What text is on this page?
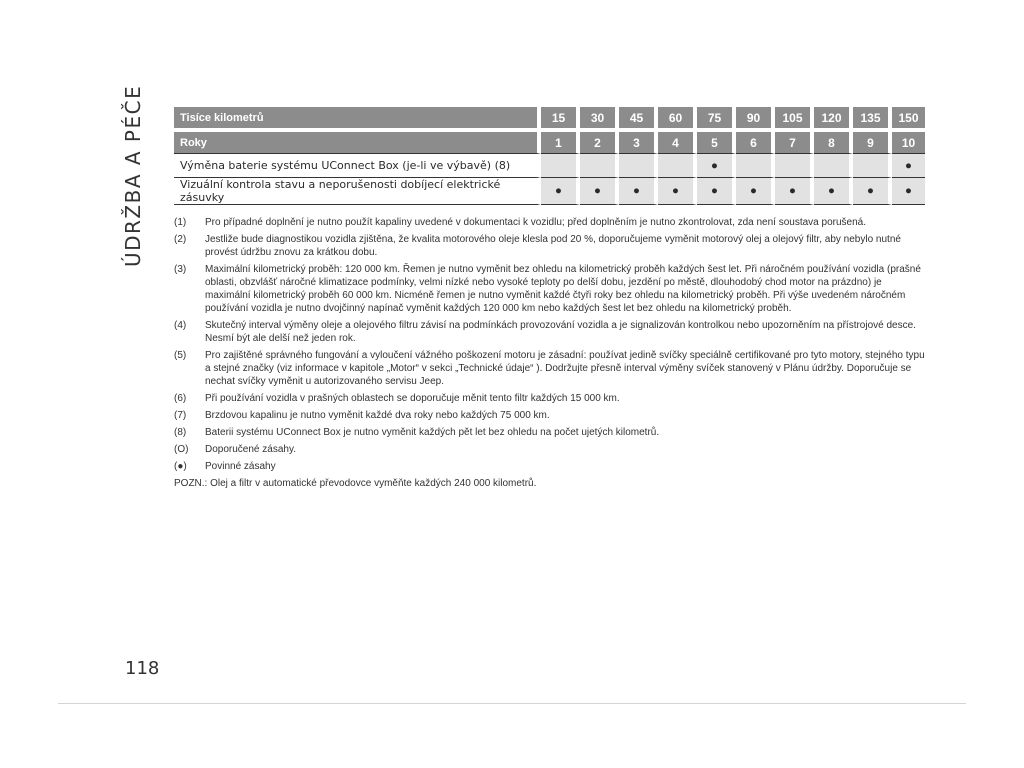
ÚDRŽBA A PÉČE	Tisíce kilometrů	15	30	45	60	75	90	105	120	135	150
Roky	1	2	3	4	5	6	7	8	9	10
Výměna baterie systému UConnect Box (je-li ve výbavě) (8)					●					●
Vizuální kontrola stavu a neporušenosti dobíjecí elektrické zásuvky	●	●	●	●	●	●	●	●	●	●
(1)	Pro případné doplnění je nutno použít kapaliny uvedené v dokumentaci k vozidlu; před doplněním je nutno zkontrolovat, zda není soustava porušená.
(2)	Jestliže bude diagnostikou vozidla zjištěna, že kvalita motorového oleje klesla pod 20 %, doporučujeme vyměnit motorový olej a olejový filtr, aby nebylo nutné provést údržbu znovu za krátkou dobu.
(3)	Maximální kilometrický proběh: 120 000 km. Řemen je nutno vyměnit bez ohledu na kilometrický proběh každých šest let. Při náročném používání vozidla (prašné oblasti, obzvlášť náročné klimatizace podmínky, velmi nízké nebo vysoké teploty po delší dobu, jezdění po městě, dlouhodobý chod motor na prázdno) je maximální kilometrický proběh 60 000 km. Nicméně řemen je nutno vyměnit každé čtyři roky bez ohledu na kilometrický proběh. Při výše uvedeném náročném používání vozidla je nutno dvojčinný napínač vyměnit každých 120 000 km nebo každých šest let bez ohledu na kilometrický proběh.
(4)	Skutečný interval výměny oleje a olejového filtru závisí na podmínkách provozování vozidla a je signalizován kontrolkou nebo upozorněním na přístrojové desce. Nesmí být ale delší než jeden rok.
(5)	Pro zajištěné správného fungování a vyloučení vážného poškození motoru je zásadní: používat jedině svíčky speciálně certifikované pro tyto motory, stejného typu a stejné značky (viz informace v kapitole „Motor“ v sekci „Technické údaje“ ). Dodržujte přesně interval výměny svíček stanovený v Plánu údržby. Doporučuje se nechat svíčky vyměnit u autorizovaného servisu Jeep.
(6)	Při používání vozidla v prašných oblastech se doporučuje měnit tento filtr každých 15 000 km.
(7)	Brzdovou kapalinu je nutno vyměnit každé dva roky nebo každých 75 000 km.
(8)	Baterii systému UConnect Box je nutno vyměnit každých pět let bez ohledu na počet ujetých kilometrů.
(O)	Doporučené zásahy.
(●)	Povinné zásahy
POZN.: Olej a filtr v automatické převodovce vyměňte každých 240 000 kilometrů.
118
